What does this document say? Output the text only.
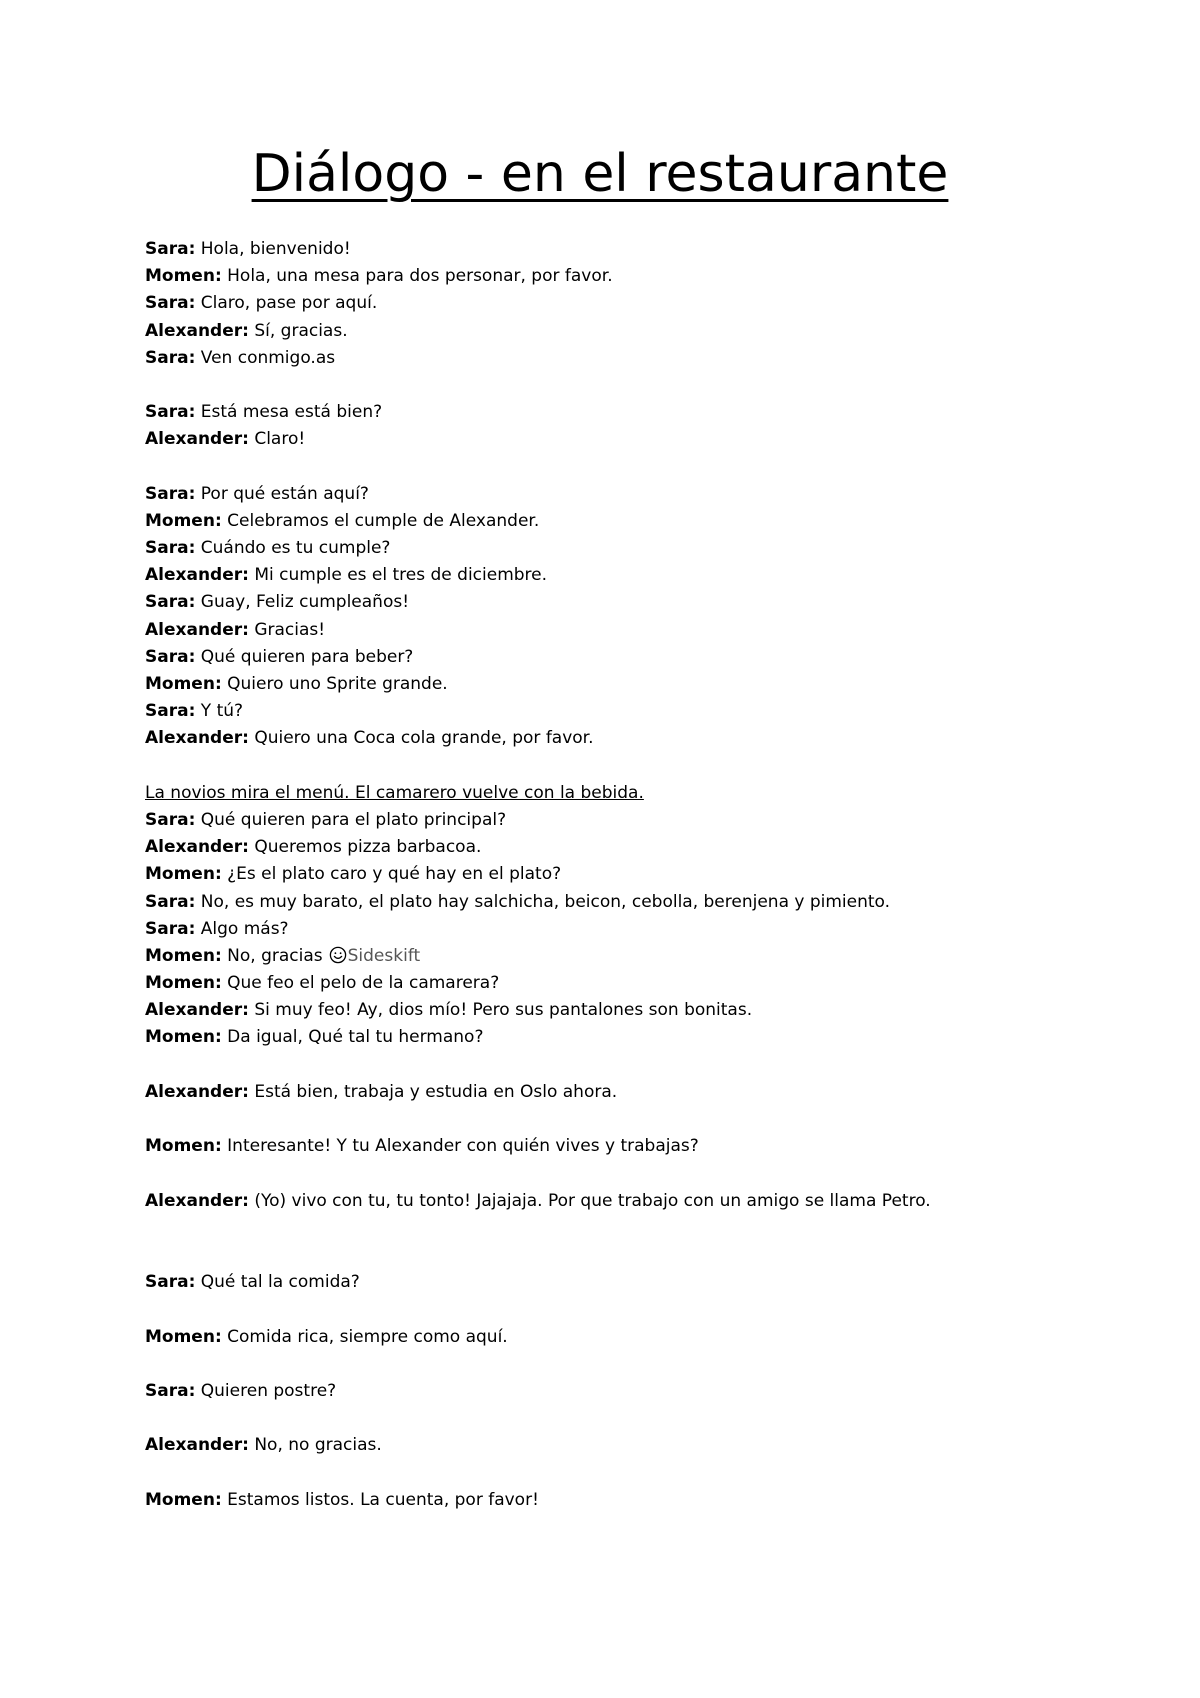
Diálogo - en el restaurante
Sara: Hola, bienvenido!
Momen: Hola, una mesa para dos personar, por favor.
Sara: Claro, pase por aquí.
Alexander: Sí, gracias.
Sara: Ven conmigo.as
Sara: Está mesa está bien?
Alexander: Claro!
Sara: Por qué están aquí?
Momen: Celebramos el cumple de Alexander.
Sara: Cuándo es tu cumple?
Alexander: Mi cumple es el tres de diciembre.
Sara: Guay, Feliz cumpleaños!
Alexander: Gracias!
Sara: Qué quieren para beber?
Momen: Quiero uno Sprite grande.
Sara: Y tú?
Alexander: Quiero una Coca cola grande, por favor.
La novios mira el menú. El camarero vuelve con la bebida.
Sara: Qué quieren para el plato principal?
Alexander: Queremos pizza barbacoa.
Momen: ¿Es el plato caro y qué hay en el plato?
Sara: No, es muy barato, el plato hay salchicha, beicon, cebolla, berenjena y pimiento.
Sara: Algo más?
Momen: No, gracias Sideskift
Momen: Que feo el pelo de la camarera?
Alexander: Si muy feo! Ay, dios mío! Pero sus pantalones son bonitas.
Momen: Da igual, Qué tal tu hermano?
Alexander: Está bien, trabaja y estudia en Oslo ahora.
Momen: Interesante! Y tu Alexander con quién vives y trabajas?
Alexander: (Yo) vivo con tu, tu tonto! Jajajaja. Por que trabajo con un amigo se llama Petro.
Sara: Qué tal la comida?
Momen: Comida rica, siempre como aquí.
Sara: Quieren postre?
Alexander: No, no gracias.
Momen: Estamos listos. La cuenta, por favor!
